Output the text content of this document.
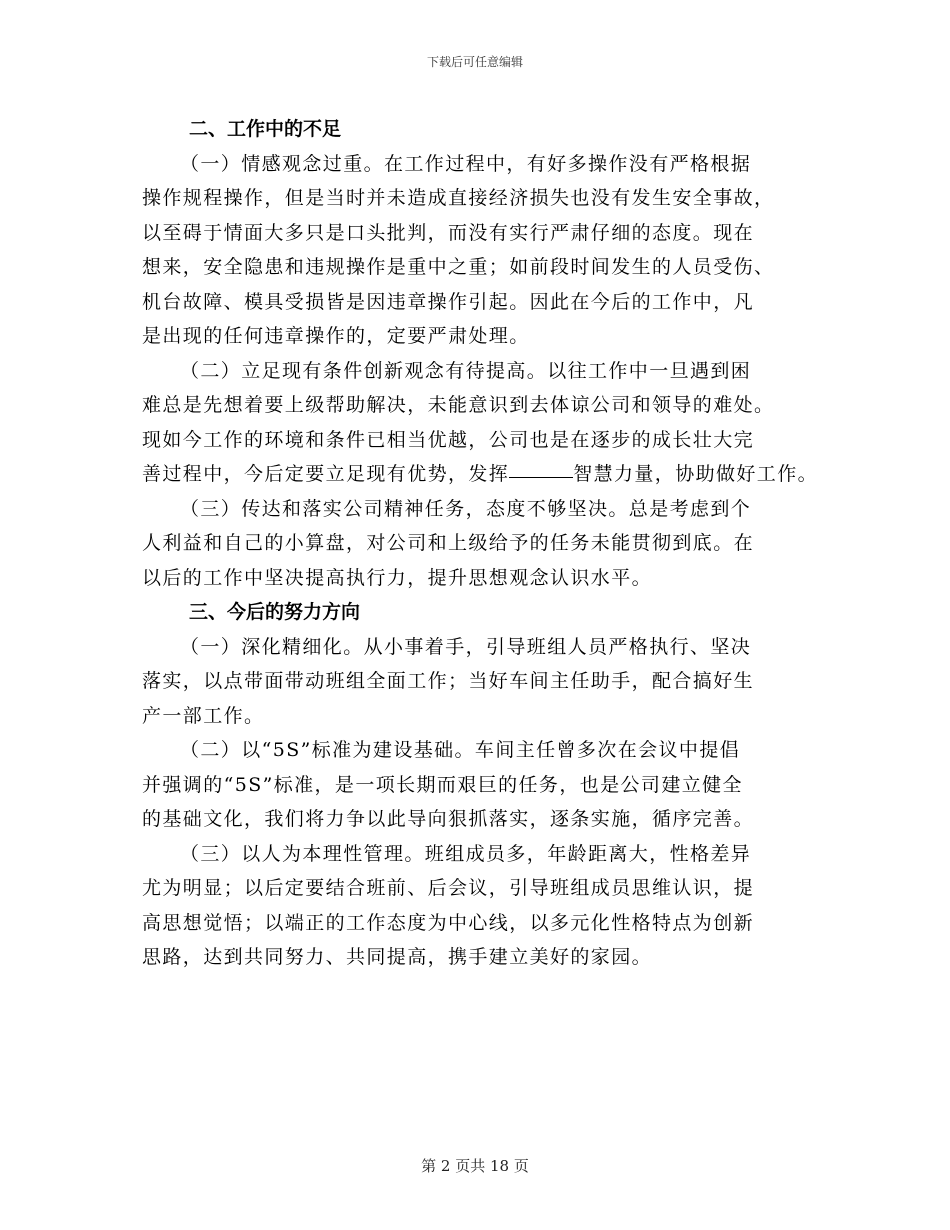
下载后可任意编辑
二、工作中的不足
（一）情感观念过重。在工作过程中，有好多操作没有严格根据
操作规程操作，但是当时并未造成直接经济损失也没有发生安全事故，
以至碍于情面大多只是口头批判，而没有实行严肃仔细的态度。现在
想来，安全隐患和违规操作是重中之重；如前段时间发生的人员受伤、
机台故障、模具受损皆是因违章操作引起。因此在今后的工作中，凡
是出现的任何违章操作的，定要严肃处理。
（二）立足现有条件创新观念有待提高。以往工作中一旦遇到困
难总是先想着要上级帮助解决，未能意识到去体谅公司和领导的难处。
现如今工作的环境和条件已相当优越，公司也是在逐步的成长壮大完
善过程中，今后定要立足现有优势，发挥	智慧力量，协助做好工作。
（三）传达和落实公司精神任务，态度不够坚决。总是考虑到个
人利益和自己的小算盘，对公司和上级给予的任务未能贯彻到底。在
以后的工作中坚决提高执行力，提升思想观念认识水平。
三、今后的努力方向
（一）深化精细化。从小事着手，引导班组人员严格执行、坚决
落实，以点带面带动班组全面工作；当好车间主任助手，配合搞好生
产一部工作。
（二）以“5S”标准为建设基础。车间主任曾多次在会议中提倡
并强调的“5S”标准，是一项长期而艰巨的任务，也是公司建立健全
的基础文化，我们将力争以此导向狠抓落实，逐条实施，循序完善。
（三）以人为本理性管理。班组成员多，年龄距离大，性格差异
尤为明显；以后定要结合班前、后会议，引导班组成员思维认识，提
高思想觉悟；以端正的工作态度为中心线，以多元化性格特点为创新
思路，达到共同努力、共同提高，携手建立美好的家园。
第 2 页共 18 页
